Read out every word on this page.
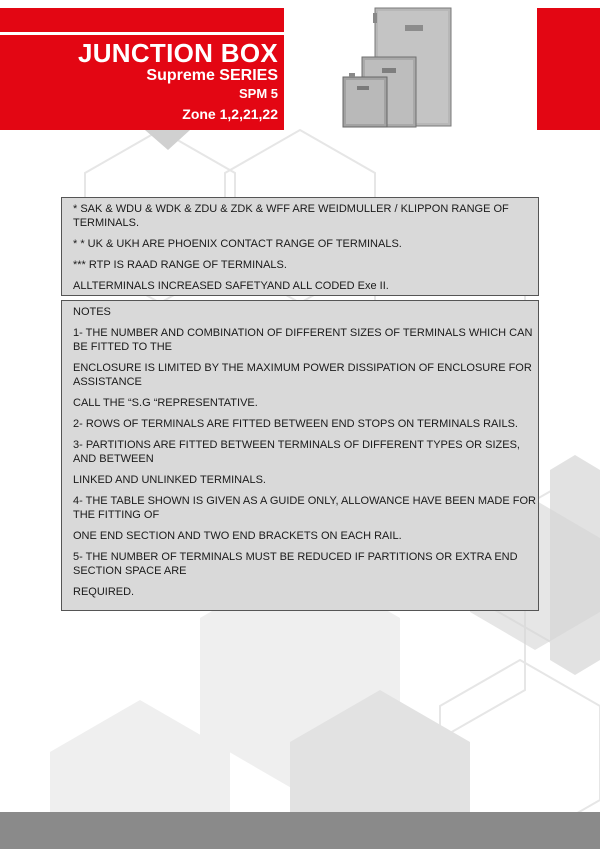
JUNCTION BOX
Supreme SERIES
SPM 5
Zone 1,2,21,22

* SAK & WDU & WDK & ZDU & ZDK & WFF ARE WEIDMULLER / KLIPPON RANGE OF TERMINALS.

* * UK & UKH ARE PHOENIX CONTACT RANGE OF TERMINALS.

*** RTP IS RAAD RANGE OF TERMINALS.

ALLTERMINALS INCREASED SAFETYAND ALL CODED Exe II.

NOTES

1- THE NUMBER AND COMBINATION OF DIFFERENT SIZES OF TERMINALS WHICH CAN BE FITTED TO THE

ENCLOSURE IS LIMITED BY THE MAXIMUM POWER DISSIPATION OF ENCLOSURE FOR ASSISTANCE

CALL THE “S.G “REPRESENTATIVE.

2- ROWS OF TERMINALS ARE FITTED BETWEEN END STOPS ON TERMINALS RAILS.

3- PARTITIONS ARE FITTED BETWEEN TERMINALS OF DIFFERENT TYPES OR SIZES, AND BETWEEN

LINKED AND UNLINKED TERMINALS.

4- THE TABLE SHOWN IS GIVEN AS A GUIDE ONLY, ALLOWANCE HAVE BEEN MADE FOR THE FITTING OF

ONE END SECTION AND TWO END BRACKETS ON EACH RAIL.

5- THE NUMBER OF TERMINALS MUST BE REDUCED IF PARTITIONS OR EXTRA END SECTION SPACE ARE

REQUIRED.
